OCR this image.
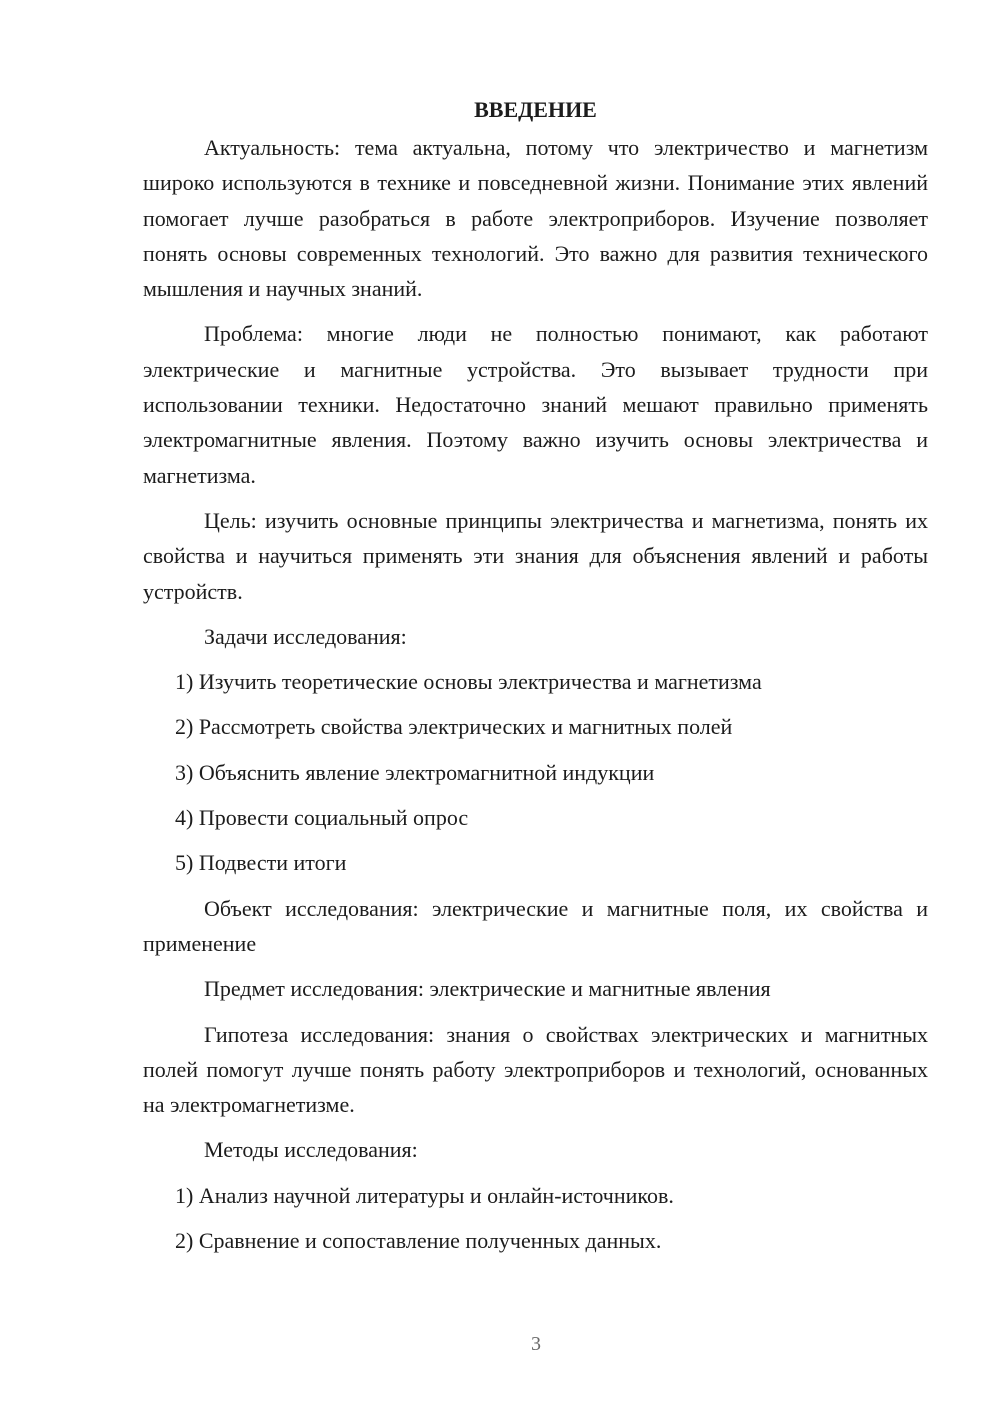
ВВЕДЕНИЕ

Актуальность: тема актуальна, потому что электричество и магнетизм широко используются в технике и повседневной жизни. Понимание этих явлений помогает лучше разобраться в работе электроприборов. Изучение позволяет понять основы современных технологий. Это важно для развития технического мышления и научных знаний.

Проблема: многие люди не полностью понимают, как работают электрические и магнитные устройства. Это вызывает трудности при использовании техники. Недостаточно знаний мешают правильно применять электромагнитные явления. Поэтому важно изучить основы электричества и магнетизма.

Цель: изучить основные принципы электричества и магнетизма, понять их свойства и научиться применять эти знания для объяснения явлений и работы устройств.

Задачи исследования:

1) Изучить теоретические основы электричества и магнетизма

2) Рассмотреть свойства электрических и магнитных полей

3) Объяснить явление электромагнитной индукции

4) Провести социальный опрос

5) Подвести итоги

Объект исследования: электрические и магнитные поля, их свойства и применение

Предмет исследования: электрические и магнитные явления

Гипотеза исследования: знания о свойствах электрических и магнитных полей помогут лучше понять работу электроприборов и технологий, основанных на электромагнетизме.

Методы исследования:

1) Анализ научной литературы и онлайн-источников.

2) Сравнение и сопоставление полученных данных.

3
